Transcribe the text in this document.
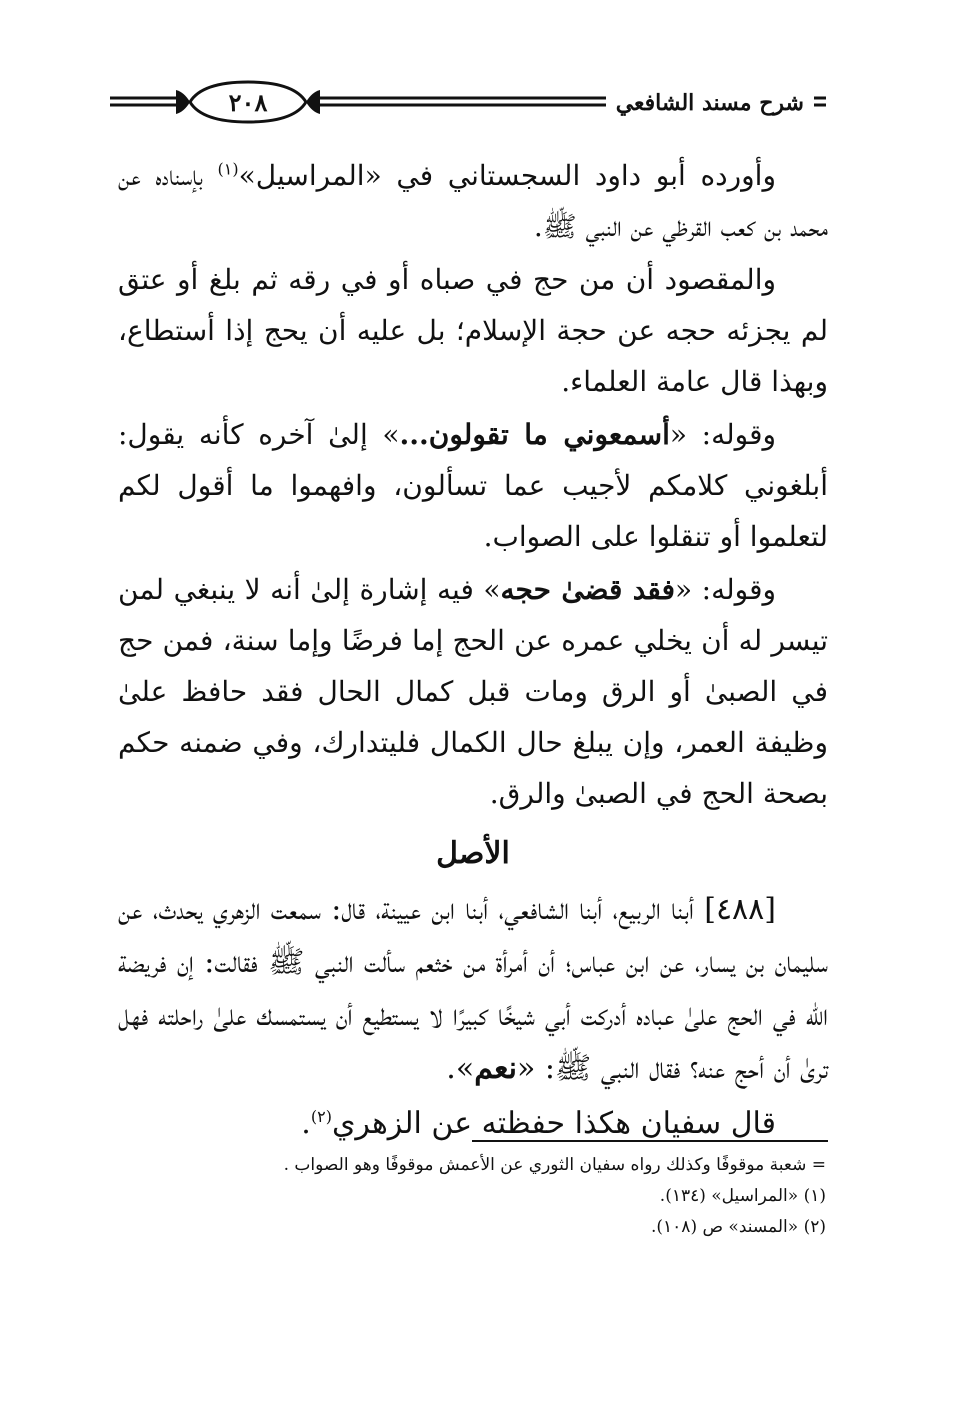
شرح مسند الشافعي
٢٠٨

وأورده أبو داود السجستاني في «المراسيل»$^{(١)}$ بإسناده عن محمد بن كعب القرظي عن النبي ﷺ.

والمقصود أن من حج في صباه أو في رقه ثم بلغ أو عتق لم يجزئه حجه عن حجة الإسلام؛ بل عليه أن يحج إذا أستطاع، وبهذا قال عامة العلماء.

وقوله: «أسمعوني ما تقولون...» إلىٰ آخره كأنه يقول: أبلغوني كلامكم لأجيب عما تسألون، وافهموا ما أقول لكم لتعلموا أو تنقلوا على الصواب.

وقوله: «فقد قضىٰ حجه» فيه إشارة إلىٰ أنه لا ينبغي لمن تيسر له أن يخلي عمره عن الحج إما فرضًا وإما سنة، فمن حج في الصبىٰ أو الرق ومات قبل كمال الحال فقد حافظ علىٰ وظيفة العمر، وإن يبلغ حال الكمال فليتدارك، وفي ضمنه حكم بصحة الحج في الصبىٰ والرق.

الأصل

[٤٨٨] أبنا الربيع، أبنا الشافعي، أبنا ابن عيينة، قال: سمعت الزهري يحدث، عن سليمان بن يسار، عن ابن عباس؛ أن أمرأة من خثعم سألت النبي ﷺ فقالت: إن فريضة الله في الحج علىٰ عباده أدركت أبي شيخًا كبيرًا لا يستطيع أن يستمسك علىٰ راحلته فهل ترىٰ أن أحج عنه؟ فقال النبي ﷺ: «نعم».

قال سفيان هكذا حفظته عن الزهري$^{(٢)}$.

= شعبة موقوفًا وكذلك رواه سفيان الثوري عن الأعمش موقوفًا وهو الصواب .

(١) «المراسيل» (١٣٤).

(٢) «المسند» ص (١٠٨).
